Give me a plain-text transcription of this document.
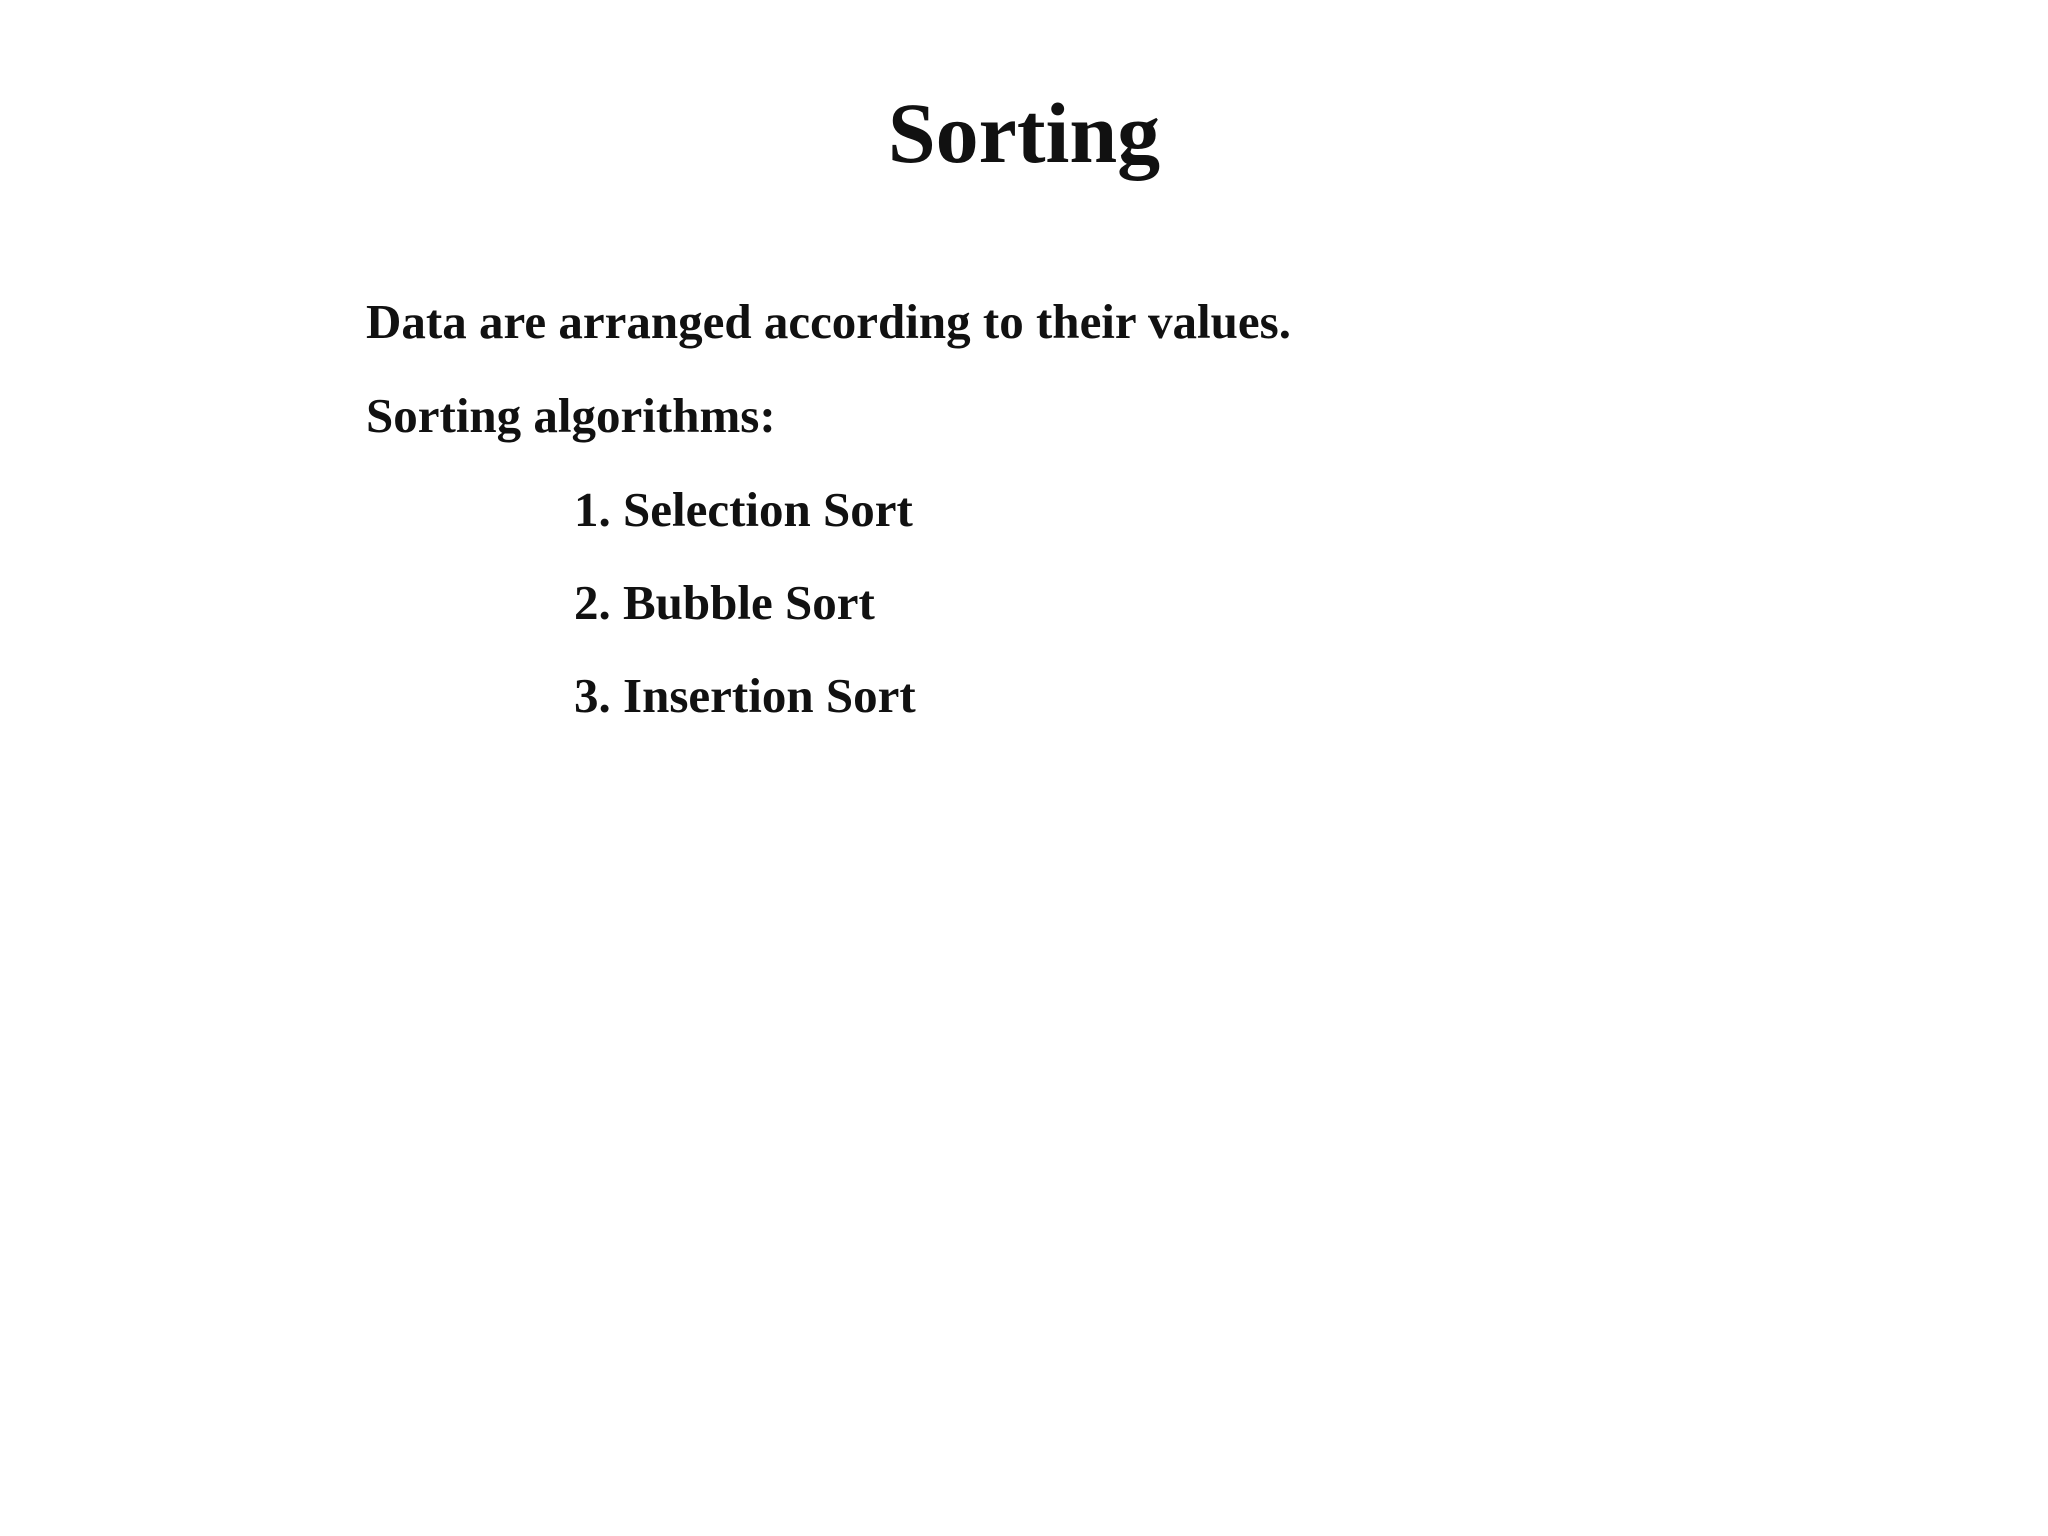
Sorting

Data are arranged according to their values.

Sorting algorithms:

1. Selection Sort
2. Bubble Sort
3. Insertion Sort
